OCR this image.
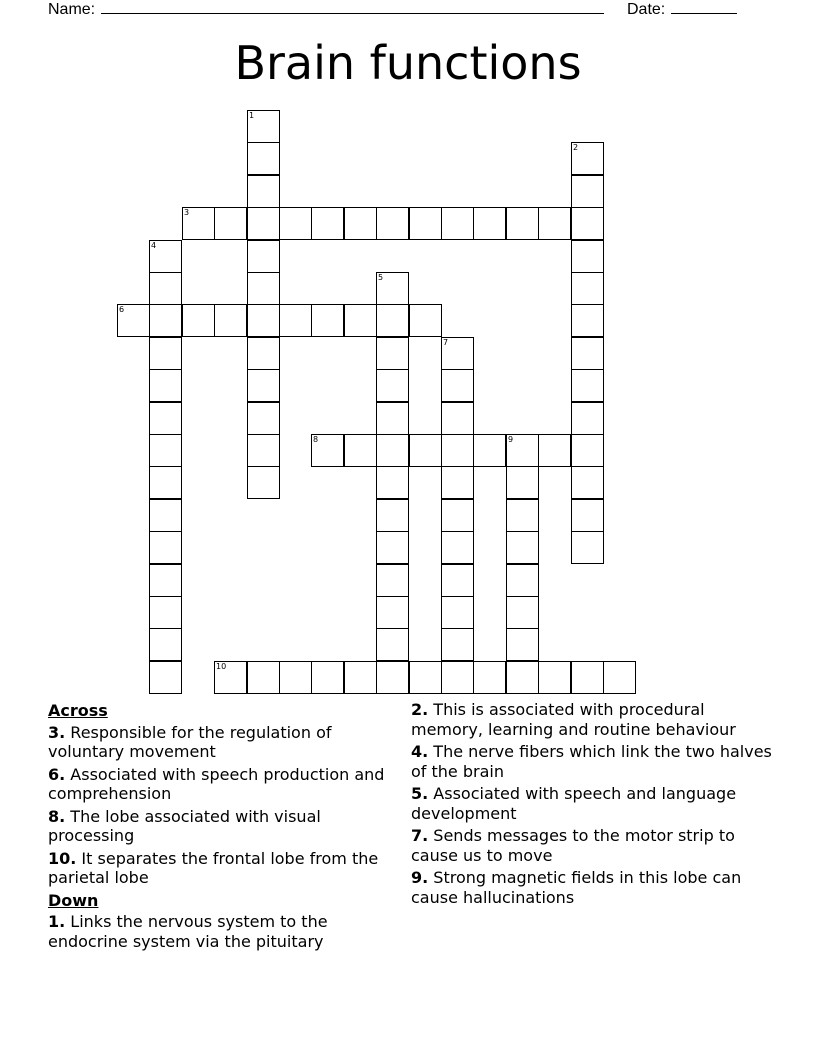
Name:	Date:
Brain functions
1
2
3
4
5
6
7
8	9
10
Across
3. Responsible for the regulation of voluntary movement
6. Associated with speech production and comprehension
8. The lobe associated with visual processing
10. It separates the frontal lobe from the parietal lobe
Down
1. Links the nervous system to the endocrine system via the pituitary
2. This is associated with procedural memory, learning and routine behaviour
4. The nerve fibers which link the two halves of the brain
5. Associated with speech and language development
7. Sends messages to the motor strip to cause us to move
9. Strong magnetic fields in this lobe can cause hallucinations
